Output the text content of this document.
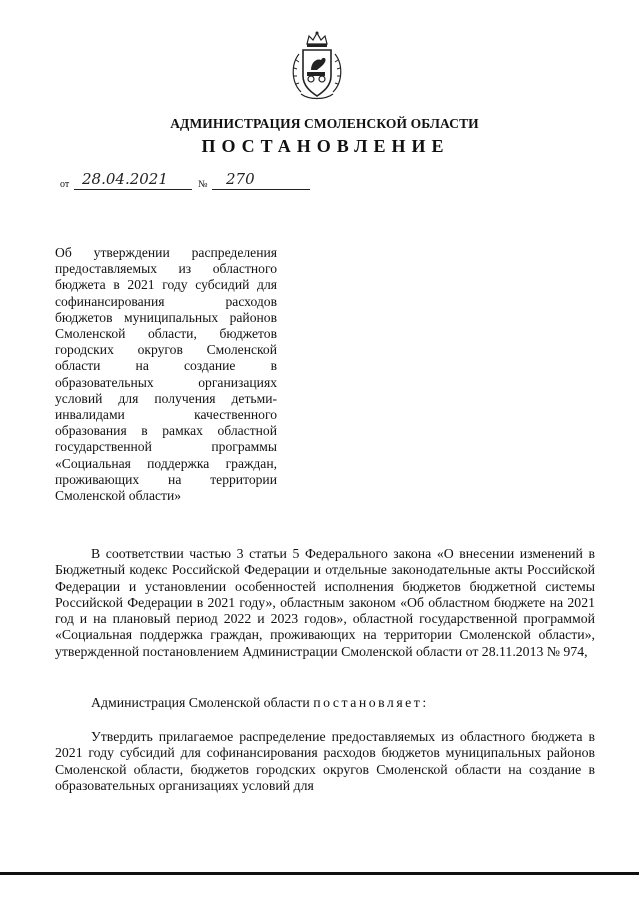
АДМИНИСТРАЦИЯ СМОЛЕНСКОЙ ОБЛАСТИ
ПОСТАНОВЛЕНИЕ
от 28.04.2021	№ 270

Об утверждении распределения предоставляемых из областного бюджета в 2021 году субсидий для софинансирования расходов бюджетов муниципальных районов Смоленской области, бюджетов городских округов Смоленской области на создание в образовательных организациях условий для получения детьми-инвалидами качественного образования в рамках областной государственной программы «Социальная поддержка граждан, проживающих на территории Смоленской области»

В соответствии частью 3 статьи 5 Федерального закона «О внесении изменений в Бюджетный кодекс Российской Федерации и отдельные законодательные акты Российской Федерации и установлении особенностей исполнения бюджетов бюджетной системы Российской Федерации в 2021 году», областным законом «Об областном бюджете на 2021 год и на плановый период 2022 и 2023 годов», областной государственной программой «Социальная поддержка граждан, проживающих на территории Смоленской области», утвержденной постановлением Администрации Смоленской области от 28.11.2013 № 974,

Администрация Смоленской области постановляет:

Утвердить прилагаемое распределение предоставляемых из областного бюджета в 2021 году субсидий для софинансирования расходов бюджетов муниципальных районов Смоленской области, бюджетов городских округов Смоленской области на создание в образовательных организациях условий для
